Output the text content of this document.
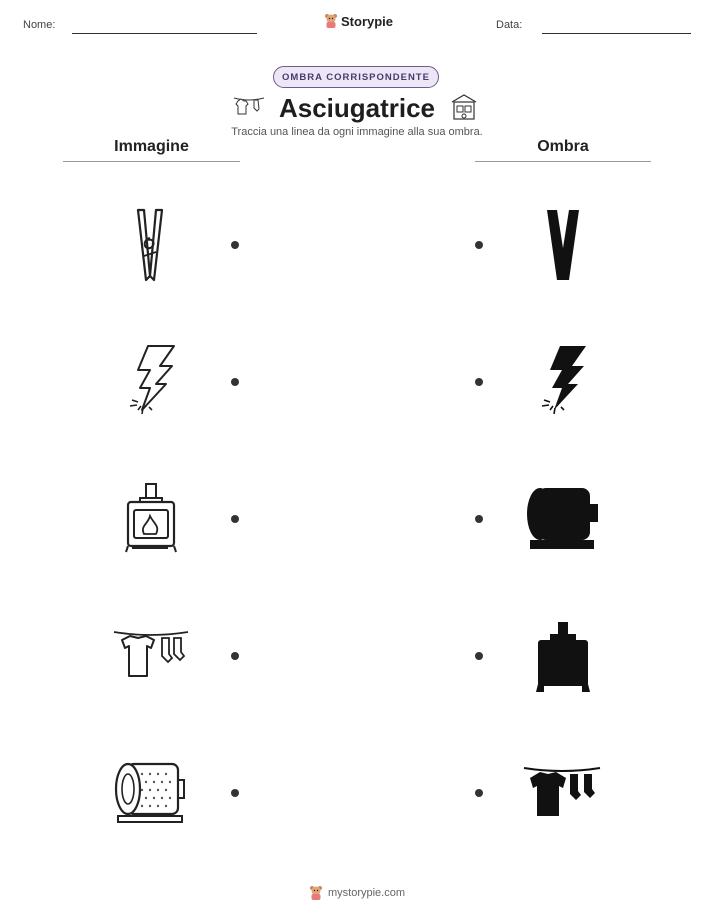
Nome:	Storypie	Data:
OMBRA CORRISPONDENTE
Asciugatrice
Traccia una linea da ogni immagine alla sua ombra.
Immagine	Ombra
mystorypie.com
